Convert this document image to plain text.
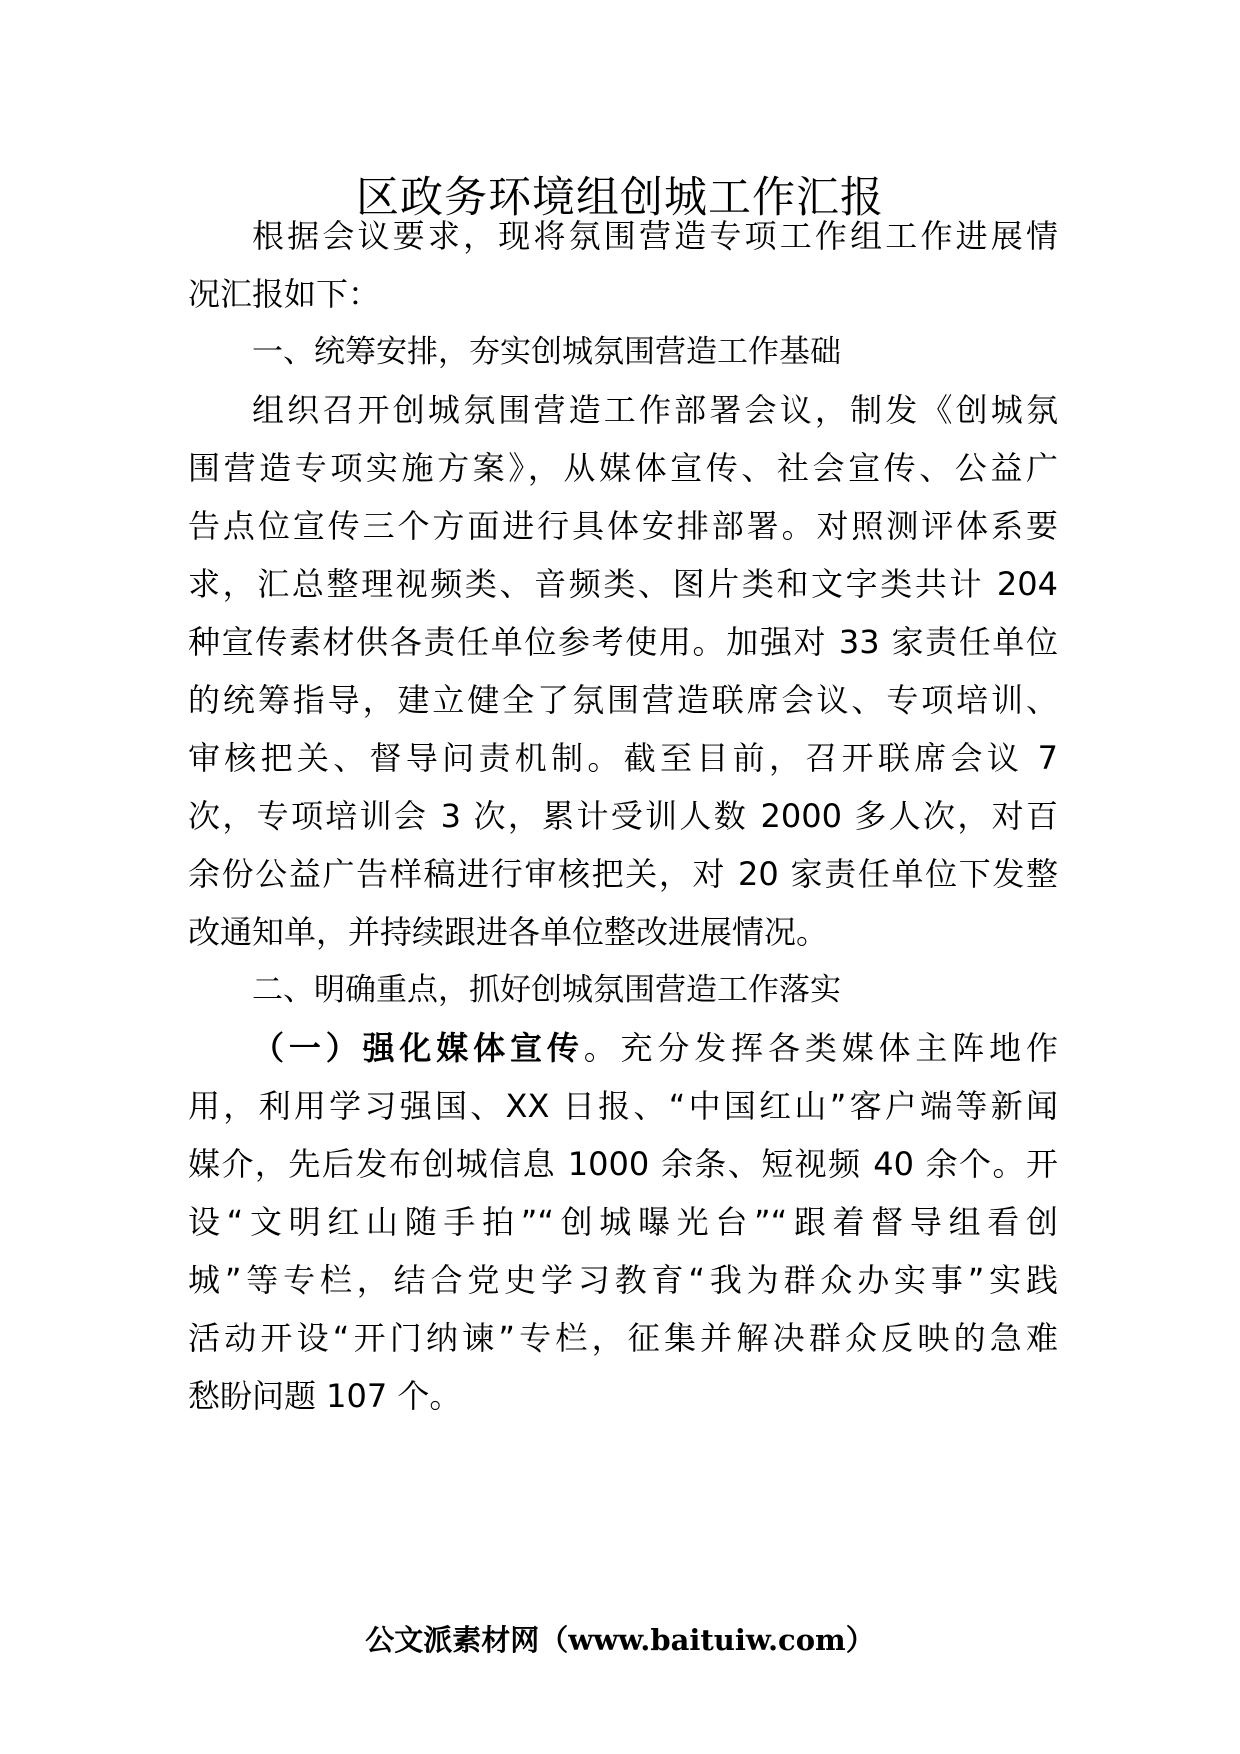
区政务环境组创城工作汇报

根据会议要求，现将氛围营造专项工作组工作进展情

况汇报如下：

一、统筹安排，夯实创城氛围营造工作基础

组织召开创城氛围营造工作部署会议，制发《创城氛

围营造专项实施方案》，从媒体宣传、社会宣传、公益广

告点位宣传三个方面进行具体安排部署。对照测评体系要

求，汇总整理视频类、音频类、图片类和文字类共计 204

种宣传素材供各责任单位参考使用。加强对 33 家责任单位

的统筹指导，建立健全了氛围营造联席会议、专项培训、

审核把关、督导问责机制。截至目前，召开联席会议 7

次，专项培训会 3 次，累计受训人数 2000 多人次，对百

余份公益广告样稿进行审核把关，对 20 家责任单位下发整

改通知单，并持续跟进各单位整改进展情况。

二、明确重点，抓好创城氛围营造工作落实

（一）强化媒体宣传。充分发挥各类媒体主阵地作

用，利用学习强国、XX 日报、“中国红山”客户端等新闻

媒介，先后发布创城信息 1000 余条、短视频 40 余个。开

设“文明红山随手拍”“创城曝光台”“跟着督导组看创

城”等专栏，结合党史学习教育“我为群众办实事”实践

活动开设“开门纳谏”专栏，征集并解决群众反映的急难

愁盼问题 107 个。

公文派素材网（www.baituiw.com）
